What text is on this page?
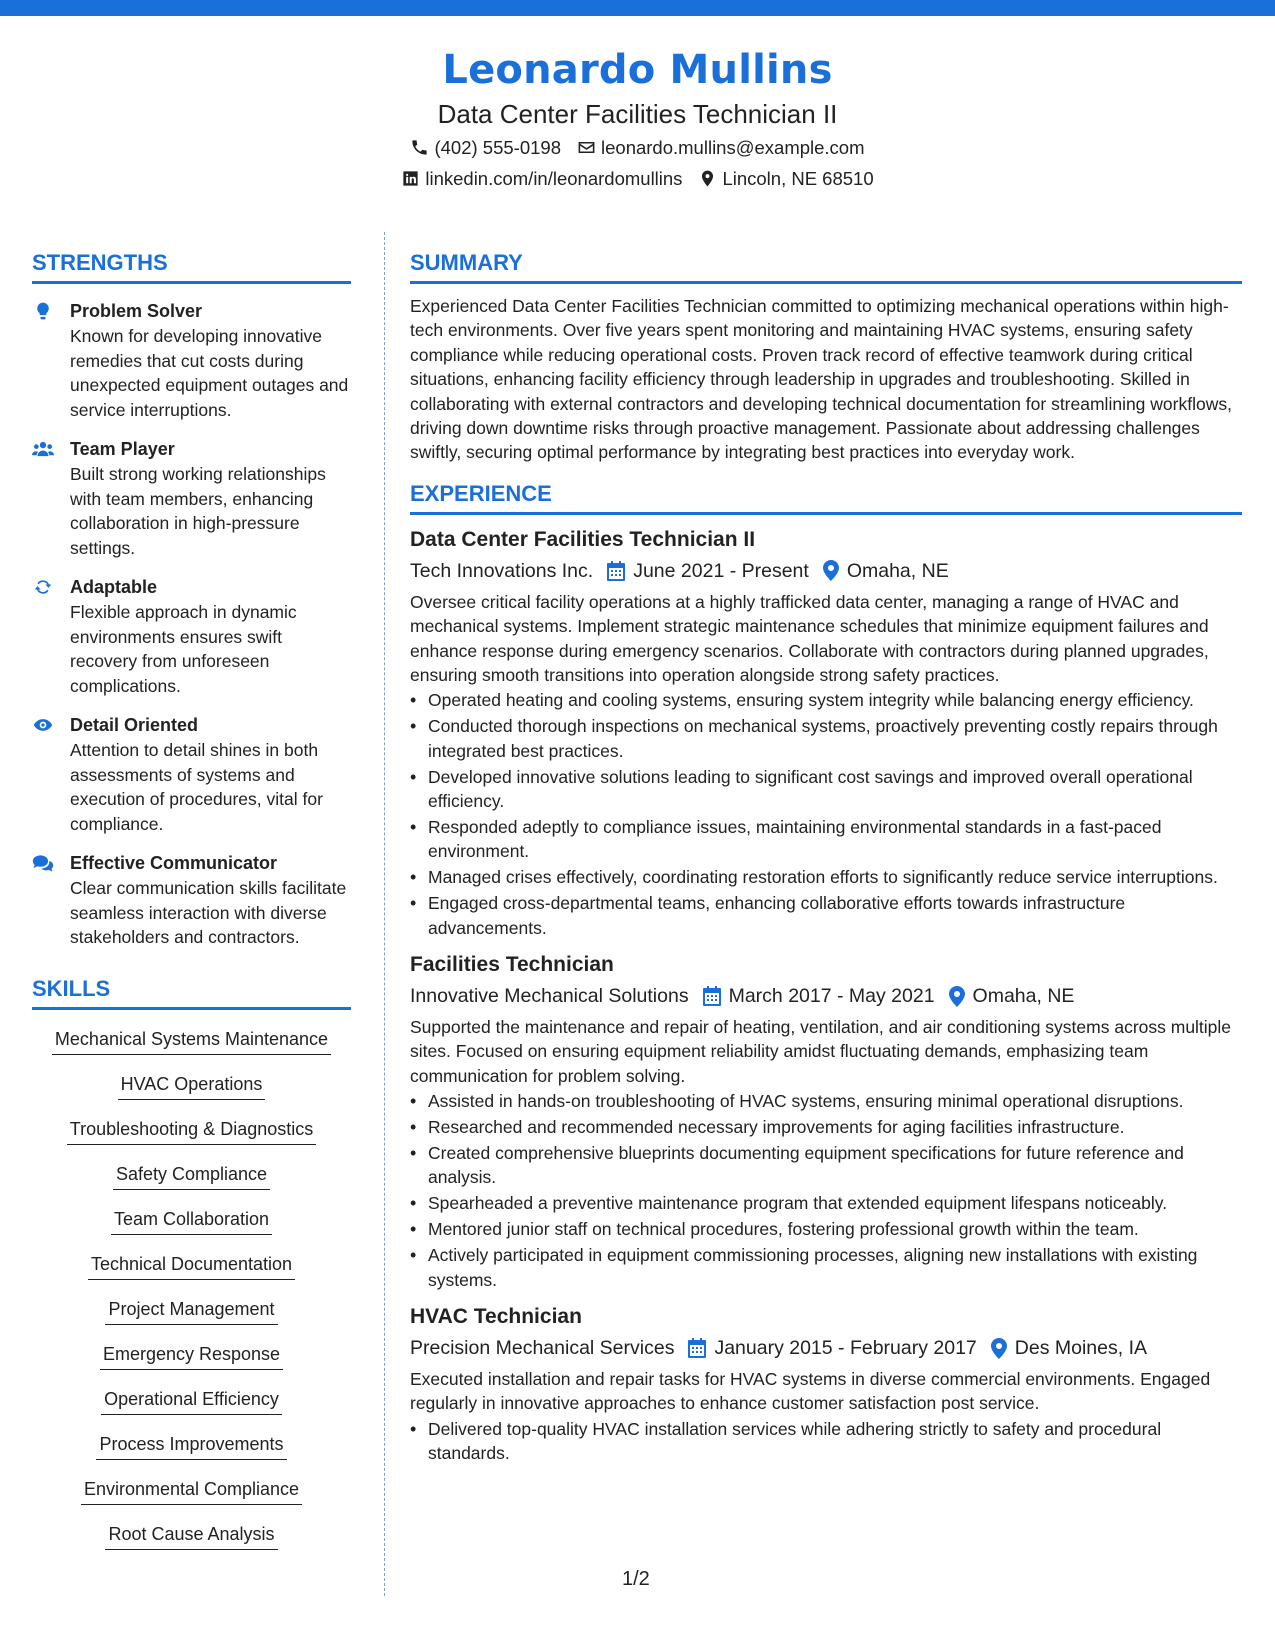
Leonardo Mullins
Data Center Facilities Technician II
(402) 555-0198 leonardo.mullins@example.com
linkedin.com/in/leonardomullins Lincoln, NE 68510
STRENGTHS
Problem Solver
Known for developing innovative remedies that cut costs during unexpected equipment outages and service interruptions.
Team Player
Built strong working relationships with team members, enhancing collaboration in high-pressure settings.
Adaptable
Flexible approach in dynamic environments ensures swift recovery from unforeseen complications.
Detail Oriented
Attention to detail shines in both assessments of systems and execution of procedures, vital for compliance.
Effective Communicator
Clear communication skills facilitate seamless interaction with diverse stakeholders and contractors.
SKILLS
Mechanical Systems Maintenance
HVAC Operations
Troubleshooting & Diagnostics
Safety Compliance
Team Collaboration
Technical Documentation
Project Management
Emergency Response
Operational Efficiency
Process Improvements
Environmental Compliance
Root Cause Analysis
SUMMARY
Experienced Data Center Facilities Technician committed to optimizing mechanical operations within high-tech environments. Over five years spent monitoring and maintaining HVAC systems, ensuring safety compliance while reducing operational costs. Proven track record of effective teamwork during critical situations, enhancing facility efficiency through leadership in upgrades and troubleshooting. Skilled in collaborating with external contractors and developing technical documentation for streamlining workflows, driving down downtime risks through proactive management. Passionate about addressing challenges swiftly, securing optimal performance by integrating best practices into everyday work.
EXPERIENCE
Data Center Facilities Technician II
Tech Innovations Inc. June 2021 - Present Omaha, NE
Oversee critical facility operations at a highly trafficked data center, managing a range of HVAC and mechanical systems. Implement strategic maintenance schedules that minimize equipment failures and enhance response during emergency scenarios. Collaborate with contractors during planned upgrades, ensuring smooth transitions into operation alongside strong safety practices.
• Operated heating and cooling systems, ensuring system integrity while balancing energy efficiency.
• Conducted thorough inspections on mechanical systems, proactively preventing costly repairs through integrated best practices.
• Developed innovative solutions leading to significant cost savings and improved overall operational efficiency.
• Responded adeptly to compliance issues, maintaining environmental standards in a fast-paced environment.
• Managed crises effectively, coordinating restoration efforts to significantly reduce service interruptions.
• Engaged cross-departmental teams, enhancing collaborative efforts towards infrastructure advancements.
Facilities Technician
Innovative Mechanical Solutions March 2017 - May 2021 Omaha, NE
Supported the maintenance and repair of heating, ventilation, and air conditioning systems across multiple sites. Focused on ensuring equipment reliability amidst fluctuating demands, emphasizing team communication for problem solving.
• Assisted in hands-on troubleshooting of HVAC systems, ensuring minimal operational disruptions.
• Researched and recommended necessary improvements for aging facilities infrastructure.
• Created comprehensive blueprints documenting equipment specifications for future reference and analysis.
• Spearheaded a preventive maintenance program that extended equipment lifespans noticeably.
• Mentored junior staff on technical procedures, fostering professional growth within the team.
• Actively participated in equipment commissioning processes, aligning new installations with existing systems.
HVAC Technician
Precision Mechanical Services January 2015 - February 2017 Des Moines, IA
Executed installation and repair tasks for HVAC systems in diverse commercial environments. Engaged regularly in innovative approaches to enhance customer satisfaction post service.
• Delivered top-quality HVAC installation services while adhering strictly to safety and procedural standards.
1/2
